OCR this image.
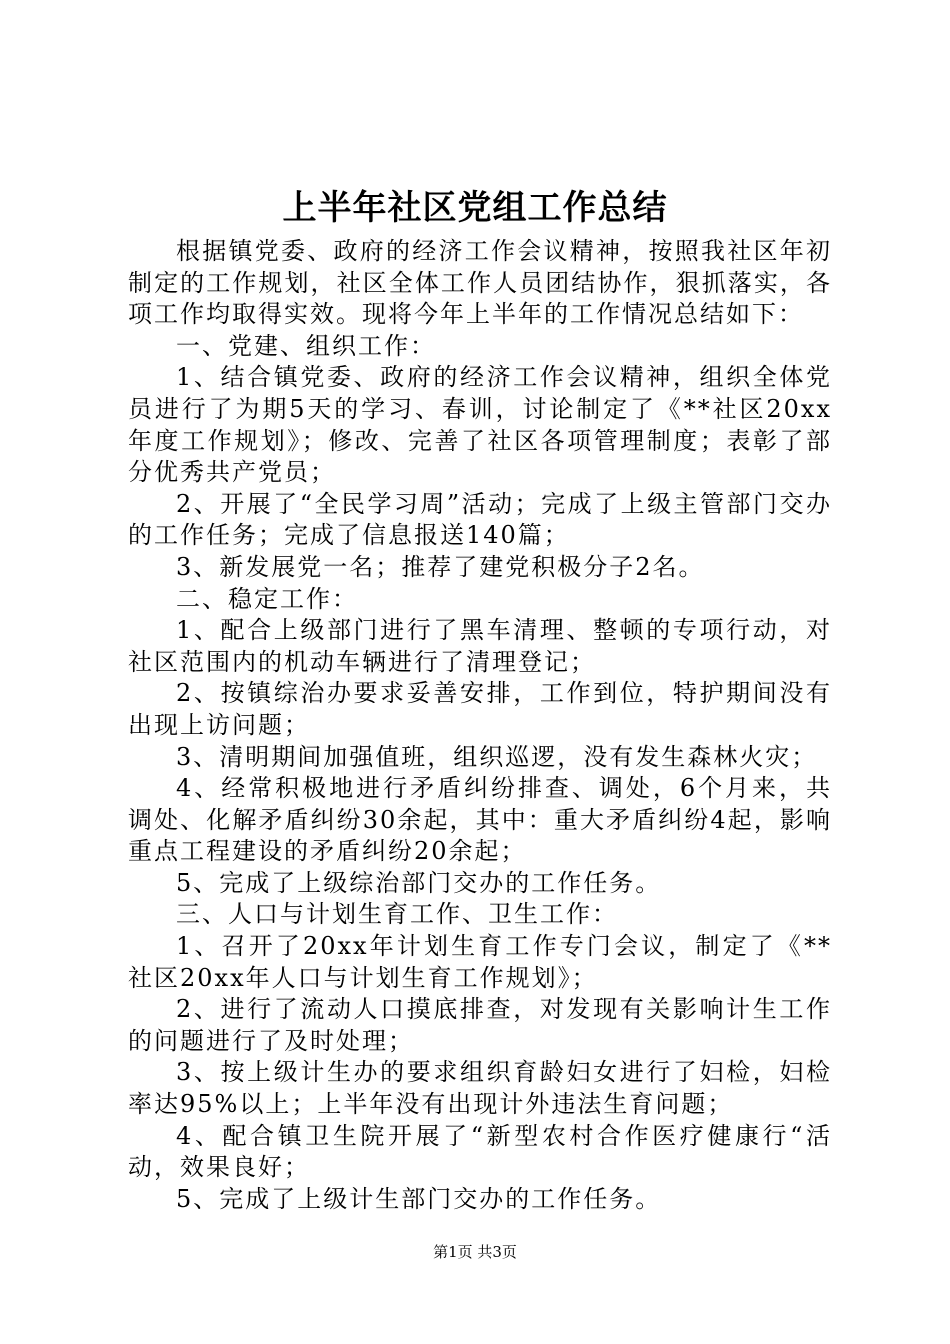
上半年社区党组工作总结

根据镇党委、政府的经济工作会议精神，按照我社区年初制定的工作规划，社区全体工作人员团结协作，狠抓落实，各项工作均取得实效。现将今年上半年的工作情况总结如下：

一、党建、组织工作：

1、结合镇党委、政府的经济工作会议精神，组织全体党员进行了为期5天的学习、春训，讨论制定了《**社区20xx年度工作规划》；修改、完善了社区各项管理制度；表彰了部分优秀共产党员；

2、开展了“全民学习周”活动；完成了上级主管部门交办的工作任务；完成了信息报送140篇；

3、新发展党一名；推荐了建党积极分子2名。

二、稳定工作：

1、配合上级部门进行了黑车清理、整顿的专项行动，对社区范围内的机动车辆进行了清理登记；

2、按镇综治办要求妥善安排，工作到位，特护期间没有出现上访问题；

3、清明期间加强值班，组织巡逻，没有发生森林火灾；

4、经常积极地进行矛盾纠纷排查、调处，6个月来，共调处、化解矛盾纠纷30余起，其中：重大矛盾纠纷4起，影响重点工程建设的矛盾纠纷20余起；

5、完成了上级综治部门交办的工作任务。

三、人口与计划生育工作、卫生工作：

1、召开了20xx年计划生育工作专门会议，制定了《**社区20xx年人口与计划生育工作规划》；

2、进行了流动人口摸底排查，对发现有关影响计生工作的问题进行了及时处理；

3、按上级计生办的要求组织育龄妇女进行了妇检，妇检率达95%以上；上半年没有出现计外违法生育问题；

4、配合镇卫生院开展了“新型农村合作医疗健康行“活动，效果良好；

5、完成了上级计生部门交办的工作任务。

第1页 共3页
